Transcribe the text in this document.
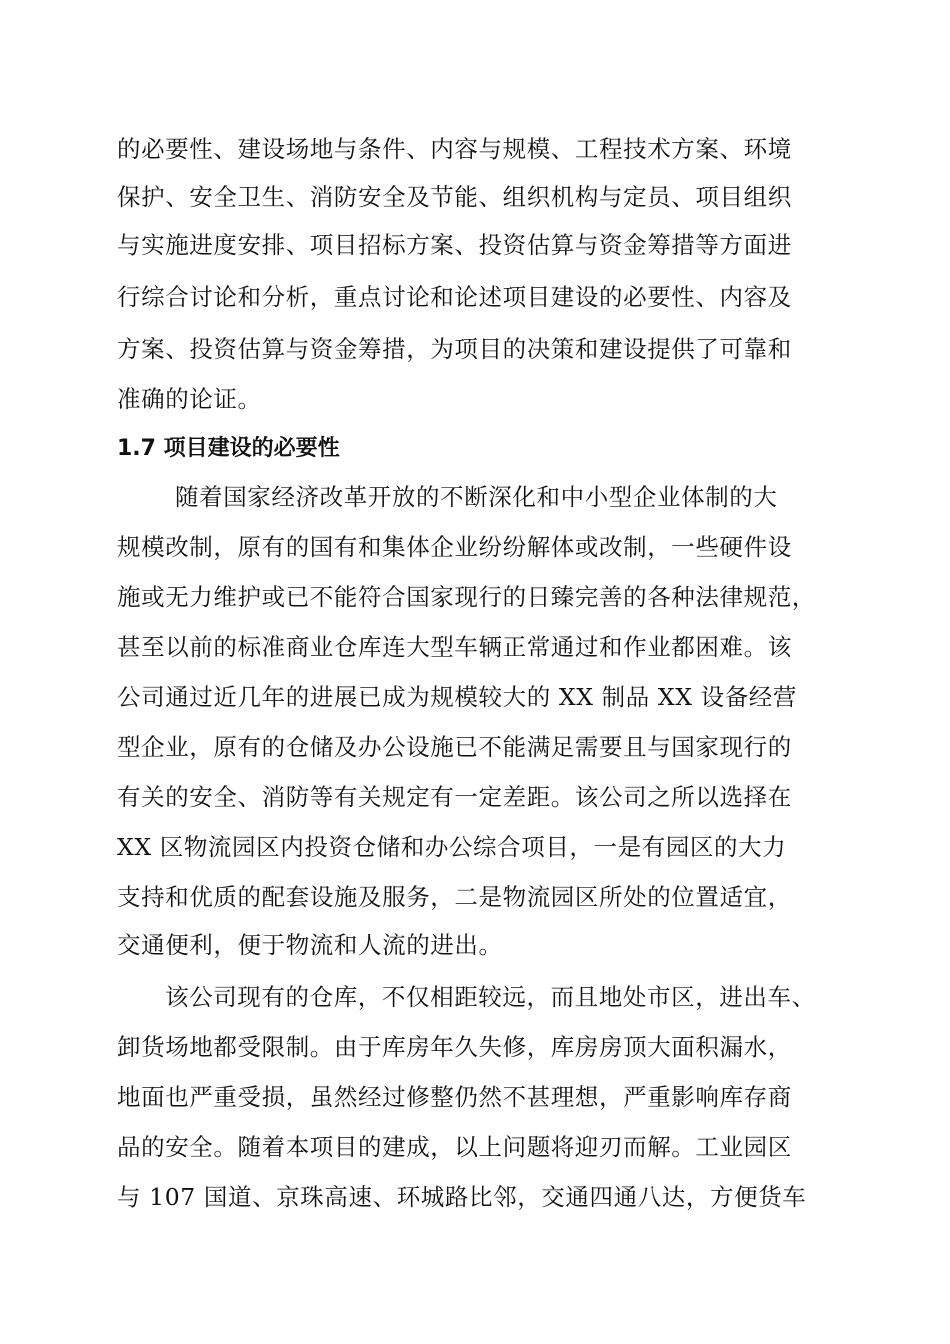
的必要性、建设场地与条件、内容与规模、工程技术方案、环境
保护、安全卫生、消防安全及节能、组织机构与定员、项目组织
与实施进度安排、项目招标方案、投资估算与资金筹措等方面进
行综合讨论和分析，重点讨论和论述项目建设的必要性、内容及
方案、投资估算与资金筹措，为项目的决策和建设提供了可靠和
准确的论证。
1.7 项目建设的必要性
随着国家经济改革开放的不断深化和中小型企业体制的大
规模改制，原有的国有和集体企业纷纷解体或改制，一些硬件设
施或无力维护或已不能符合国家现行的日臻完善的各种法律规范，
甚至以前的标准商业仓库连大型车辆正常通过和作业都困难。该
公司通过近几年的进展已成为规模较大的 XX 制品 XX 设备经营
型企业，原有的仓储及办公设施已不能满足需要且与国家现行的
有关的安全、消防等有关规定有一定差距。该公司之所以选择在
XX 区物流园区内投资仓储和办公综合项目，一是有园区的大力
支持和优质的配套设施及服务，二是物流园区所处的位置适宜，
交通便利，便于物流和人流的进出。
该公司现有的仓库，不仅相距较远，而且地处市区，进出车、
卸货场地都受限制。由于库房年久失修，库房房顶大面积漏水，
地面也严重受损，虽然经过修整仍然不甚理想，严重影响库存商
品的安全。随着本项目的建成，以上问题将迎刃而解。工业园区
与 107 国道、京珠高速、环城路比邻，交通四通八达，方便货车
